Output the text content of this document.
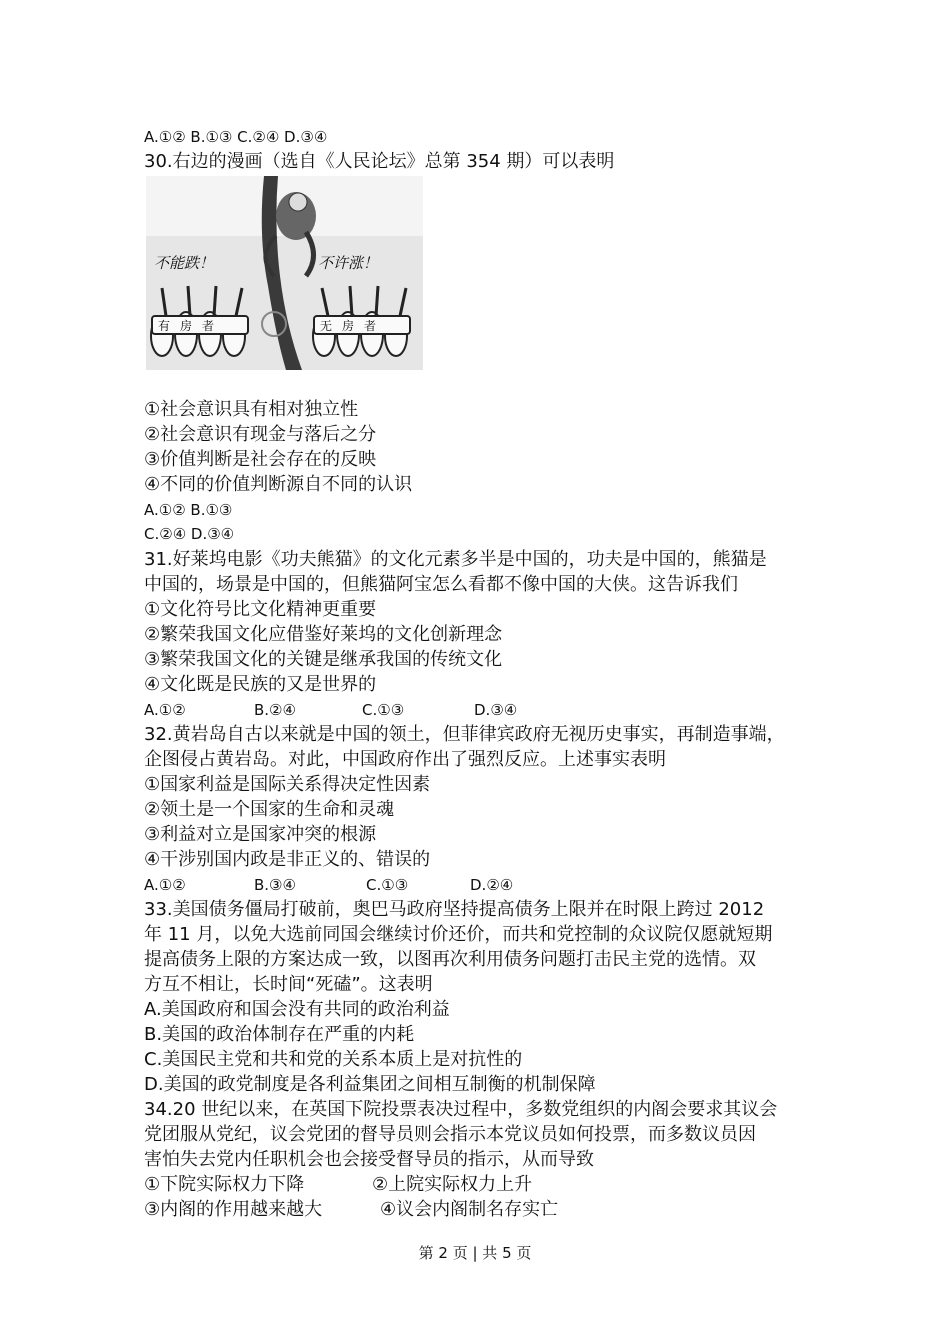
A.①② B.①③ C.②④ D.③④
30.右边的漫画（选自《人民论坛》总第 354 期）可以表明
不能跌！	不许涨！
有房者	无房者
①社会意识具有相对独立性
②社会意识有现金与落后之分
③价值判断是社会存在的反映
④不同的价值判断源自不同的认识
A.①② B.①③
C.②④ D.③④
31.好莱坞电影《功夫熊猫》的文化元素多半是中国的，功夫是中国的，熊猫是
中国的，场景是中国的，但熊猫阿宝怎么看都不像中国的大侠。这告诉我们
①文化符号比文化精神更重要
②繁荣我国文化应借鉴好莱坞的文化创新理念
③繁荣我国文化的关键是继承我国的传统文化
④文化既是民族的又是世界的
A.①②	B.②④	C.①③	D.③④
32.黄岩岛自古以来就是中国的领土，但菲律宾政府无视历史事实，再制造事端，
企图侵占黄岩岛。对此，中国政府作出了强烈反应。上述事实表明
①国家利益是国际关系得决定性因素
②领土是一个国家的生命和灵魂
③利益对立是国家冲突的根源
④干涉别国内政是非正义的、错误的
A.①②	B.③④	C.①③	D.②④
33.美国债务僵局打破前，奥巴马政府坚持提高债务上限并在时限上跨过 2012
年 11 月，以免大选前同国会继续讨价还价，而共和党控制的众议院仅愿就短期
提高债务上限的方案达成一致，以图再次利用债务问题打击民主党的选情。双
方互不相让，长时间“死磕”。这表明
A.美国政府和国会没有共同的政治利益
B.美国的政治体制存在严重的内耗
C.美国民主党和共和党的关系本质上是对抗性的
D.美国的政党制度是各利益集团之间相互制衡的机制保障
34.20 世纪以来，在英国下院投票表决过程中，多数党组织的内阁会要求其议会
党团服从党纪，议会党团的督导员则会指示本党议员如何投票，而多数议员因
害怕失去党内任职机会也会接受督导员的指示，从而导致
①下院实际权力下降	②上院实际权力上升
③内阁的作用越来越大	④议会内阁制名存实亡
第 2 页 | 共 5 页
